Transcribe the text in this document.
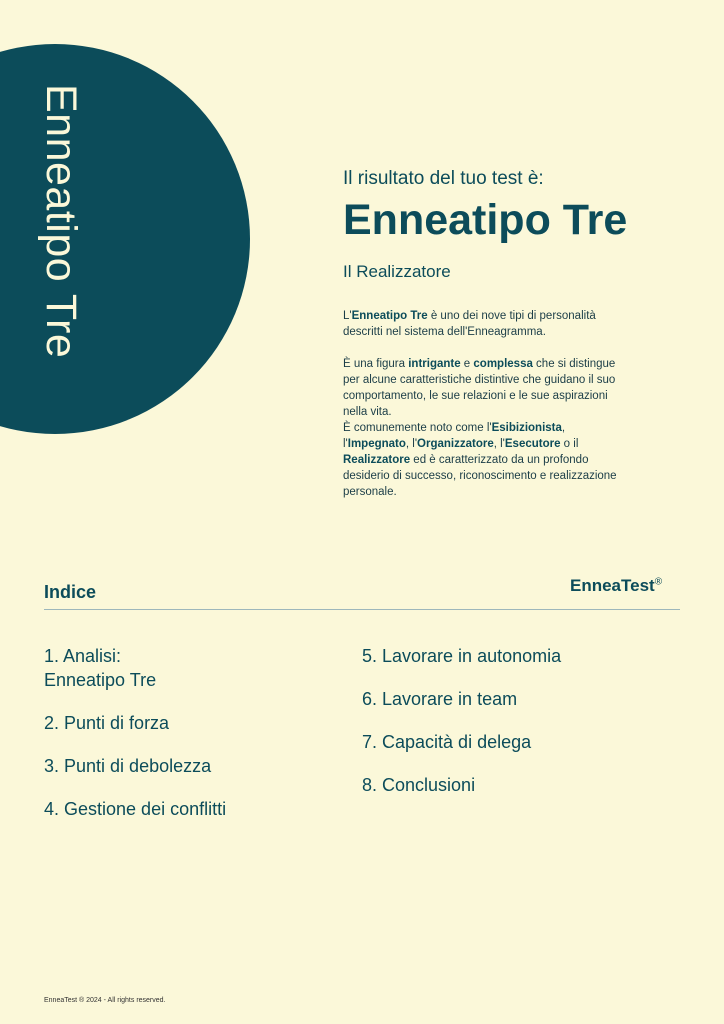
Enneatipo Tre	Il risultato del tuo test è:
Enneatipo Tre
Il Realizzatore

L'Enneatipo Tre è uno dei nove tipi di personalità descritti nel sistema dell'Enneagramma.

È una figura intrigante e complessa che si distingue per alcune caratteristiche distintive che guidano il suo comportamento, le sue relazioni e le sue aspirazioni nella vita.

È comunemente noto come l'Esibizionista, l'Impegnato, l'Organizzatore, l'Esecutore o il Realizzatore ed è caratterizzato da un profondo desiderio di successo, riconoscimento e realizzazione personale.

Indice	EnneaTest®
1. Analisi:
Enneatipo Tre
2. Punti di forza
3. Punti di debolezza
4. Gestione dei conflitti
5. Lavorare in autonomia
6. Lavorare in team
7. Capacità di delega
8. Conclusioni
EnneaTest ® 2024 - All rights reserved.
